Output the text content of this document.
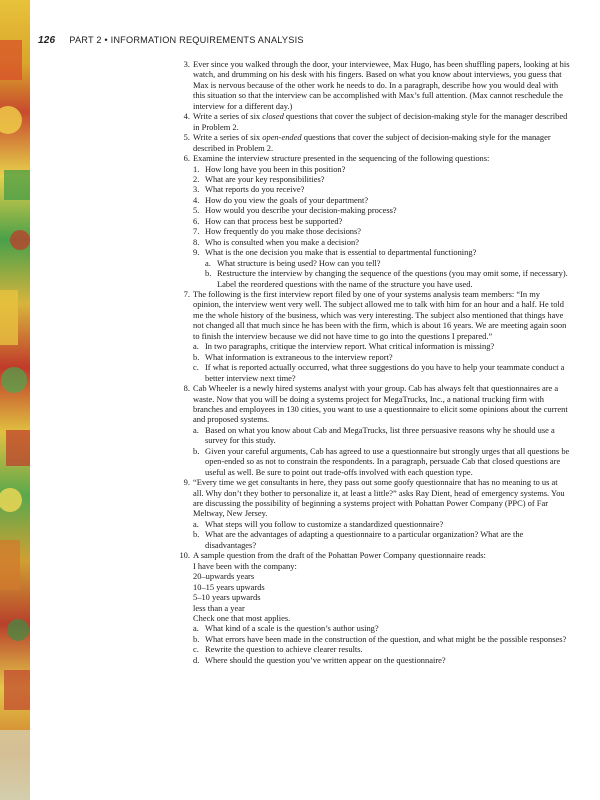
126 PART 2 • INFORMATION REQUIREMENTS ANALYSIS
3. Ever since you walked through the door, your interviewee, Max Hugo, has been shuffling papers, looking at his watch, and drumming on his desk with his fingers. Based on what you know about interviews, you guess that Max is nervous because of the other work he needs to do. In a paragraph, describe how you would deal with this situation so that the interview can be accomplished with Max’s full attention. (Max cannot reschedule the interview for a different day.)
4. Write a series of six closed questions that cover the subject of decision-making style for the manager described in Problem 2.
5. Write a series of six open-ended questions that cover the subject of decision-making style for the manager described in Problem 2.
6. Examine the interview structure presented in the sequencing of the following questions:
1. How long have you been in this position?
2. What are your key responsibilities?
3. What reports do you receive?
4. How do you view the goals of your department?
5. How would you describe your decision-making process?
6. How can that process best be supported?
7. How frequently do you make those decisions?
8. Who is consulted when you make a decision?
9. What is the one decision you make that is essential to departmental functioning?
a. What structure is being used? How can you tell?
b. Restructure the interview by changing the sequence of the questions (you may omit some, if necessary). Label the reordered questions with the name of the structure you have used.
7. The following is the first interview report filed by one of your systems analysis team members: “In my opinion, the interview went very well. The subject allowed me to talk with him for an hour and a half. He told me the whole history of the business, which was very interesting. The subject also mentioned that things have not changed all that much since he has been with the firm, which is about 16 years. We are meeting again soon to finish the interview because we did not have time to go into the questions I prepared.”
a. In two paragraphs, critique the interview report. What critical information is missing?
b. What information is extraneous to the interview report?
c. If what is reported actually occurred, what three suggestions do you have to help your teammate conduct a better interview next time?
8. Cab Wheeler is a newly hired systems analyst with your group. Cab has always felt that questionnaires are a waste. Now that you will be doing a systems project for MegaTrucks, Inc., a national trucking firm with branches and employees in 130 cities, you want to use a questionnaire to elicit some opinions about the current and proposed systems.
a. Based on what you know about Cab and MegaTrucks, list three persuasive reasons why he should use a survey for this study.
b. Given your careful arguments, Cab has agreed to use a questionnaire but strongly urges that all questions be open-ended so as not to constrain the respondents. In a paragraph, persuade Cab that closed questions are useful as well. Be sure to point out trade-offs involved with each question type.
9. “Every time we get consultants in here, they pass out some goofy questionnaire that has no meaning to us at all. Why don’t they bother to personalize it, at least a little?” asks Ray Dient, head of emergency systems. You are discussing the possibility of beginning a systems project with Pohattan Power Company (PPC) of Far Meltway, New Jersey.
a. What steps will you follow to customize a standardized questionnaire?
b. What are the advantages of adapting a questionnaire to a particular organization? What are the disadvantages?
10. A sample question from the draft of the Pohattan Power Company questionnaire reads:
I have been with the company:
20–upwards years
10–15 years upwards
5–10 years upwards
less than a year
Check one that most applies.
a. What kind of a scale is the question’s author using?
b. What errors have been made in the construction of the question, and what might be the possible responses?
c. Rewrite the question to achieve clearer results.
d. Where should the question you’ve written appear on the questionnaire?
